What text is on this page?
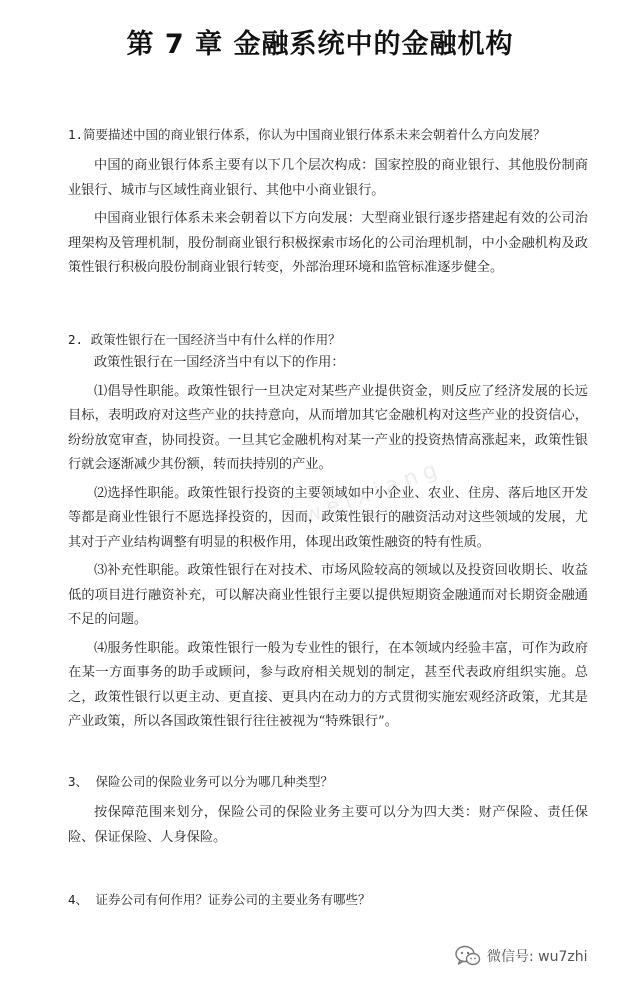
第 7 章 金融系统中的金融机构
weixiang

1.简要描述中国的商业银行体系，你认为中国商业银行体系未来会朝着什么方向发展？

中国的商业银行体系主要有以下几个层次构成：国家控股的商业银行、其他股份制商业银行、城市与区域性商业银行、其他中小商业银行。

中国商业银行体系未来会朝着以下方向发展：大型商业银行逐步搭建起有效的公司治理架构及管理机制，股份制商业银行积极探索市场化的公司治理机制，中小金融机构及政策性银行积极向股份制商业银行转变，外部治理环境和监管标准逐步健全。

2. 政策性银行在一国经济当中有什么样的作用？

政策性银行在一国经济当中有以下的作用：

⑴倡导性职能。政策性银行一旦决定对某些产业提供资金，则反应了经济发展的长远目标，表明政府对这些产业的扶持意向，从而增加其它金融机构对这些产业的投资信心，纷纷放宽审查，协同投资。一旦其它金融机构对某一产业的投资热情高涨起来，政策性银行就会逐渐减少其份额，转而扶持别的产业。

⑵选择性职能。政策性银行投资的主要领域如中小企业、农业、住房、落后地区开发等都是商业性银行不愿选择投资的，因而，政策性银行的融资活动对这些领域的发展，尤其对于产业结构调整有明显的积极作用，体现出政策性融资的特有性质。

⑶补充性职能。政策性银行在对技术、市场风险较高的领域以及投资回收期长、收益低的项目进行融资补充，可以解决商业性银行主要以提供短期资金融通而对长期资金融通不足的问题。

⑷服务性职能。政策性银行一般为专业性的银行，在本领域内经验丰富，可作为政府在某一方面事务的助手或顾问，参与政府相关规划的制定，甚至代表政府组织实施。总之，政策性银行以更主动、更直接、更具内在动力的方式贯彻实施宏观经济政策，尤其是产业政策，所以各国政策性银行往往被视为“特殊银行”。

3、 保险公司的保险业务可以分为哪几种类型？

按保障范围来划分，保险公司的保险业务主要可以分为四大类：财产保险、责任保险、保证保险、人身保险。

4、 证券公司有何作用？证券公司的主要业务有哪些？

微信号: wu7zhi
